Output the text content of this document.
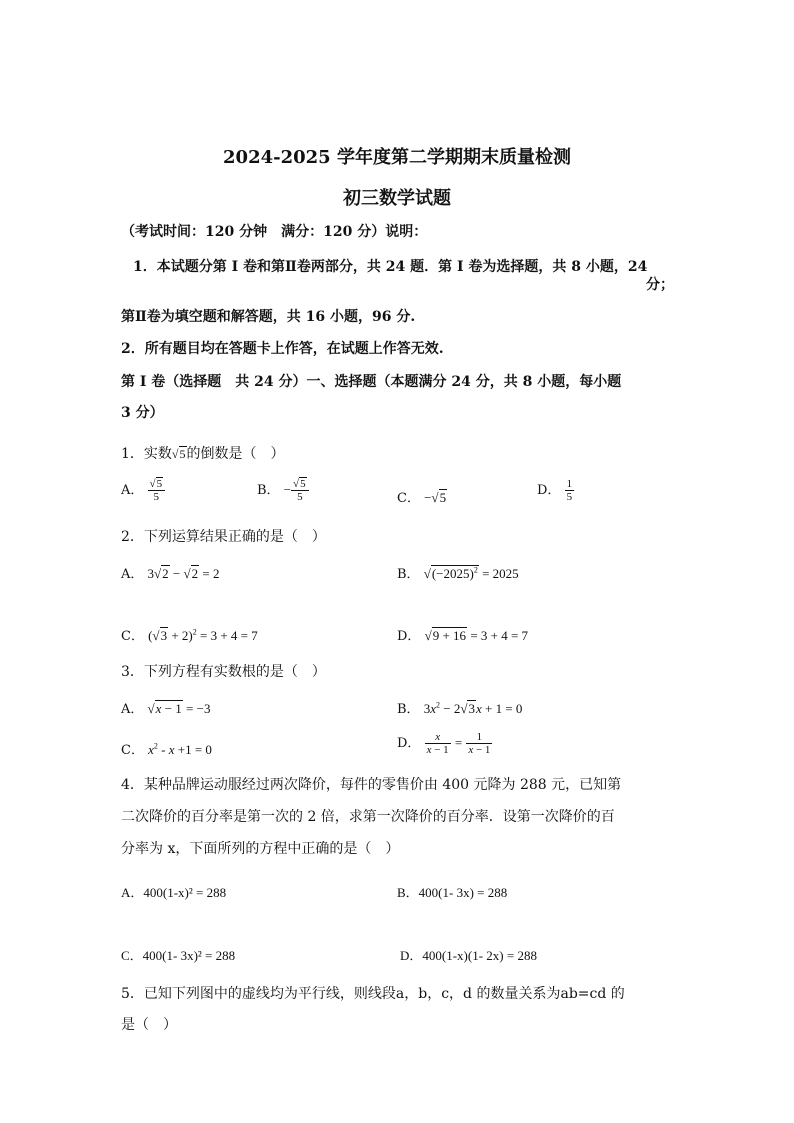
2024-2025 学年度第二学期期末质量检测
初三数学试题
（考试时间：120 分钟　满分：120 分）说明：
1．本试题分第 I 卷和第Ⅱ卷两部分，共 24 题．第 I 卷为选择题，共 8 小题，24
分；
第Ⅱ卷为填空题和解答题，共 16 小题，96 分.
2．所有题目均在答题卡上作答，在试题上作答无效.
第 I 卷（选择题　共 24 分）一、选择题（本题满分 24 分，共 8 小题，每小题
3 分）
1．实数√5的倒数是（　）
A． $\frac{√5}{5}$	B． − $\frac{√5}{5}$	C． −√5	D． $\frac{1}{5}$
2．下列运算结果正确的是（　）
A． 3√2 − √2 = 2	B． $√(-2025)^2 = 2025$
C． $(√3 + 2)^2 = 3 + 4 = 7$	D． √9 + 16 = 3 + 4 = 7
3．下列方程有实数根的是（　）
A． √x − 1 = −3	B． $3x^2 - 2√3x + 1 = 0$
C． $x^2 - x +1 = 0$	D． $\frac{x}{x - 1} = \frac{1}{x - 1}$
4．某种品牌运动服经过两次降价，每件的零售价由 400 元降为 288 元，已知第
二次降价的百分率是第一次的 2 倍，求第一次降价的百分率．设第一次降价的百
分率为 x，下面所列的方程中正确的是（　）
A．400(1-x)² = 288	B．400(1- 3x) = 288
C．400(1- 3x)² = 288	D．400(1-x)(1- 2x) = 288
5．已知下列图中的虚线均为平行线，则线段a，b，c，d 的数量关系为ab=cd 的
是（　）
